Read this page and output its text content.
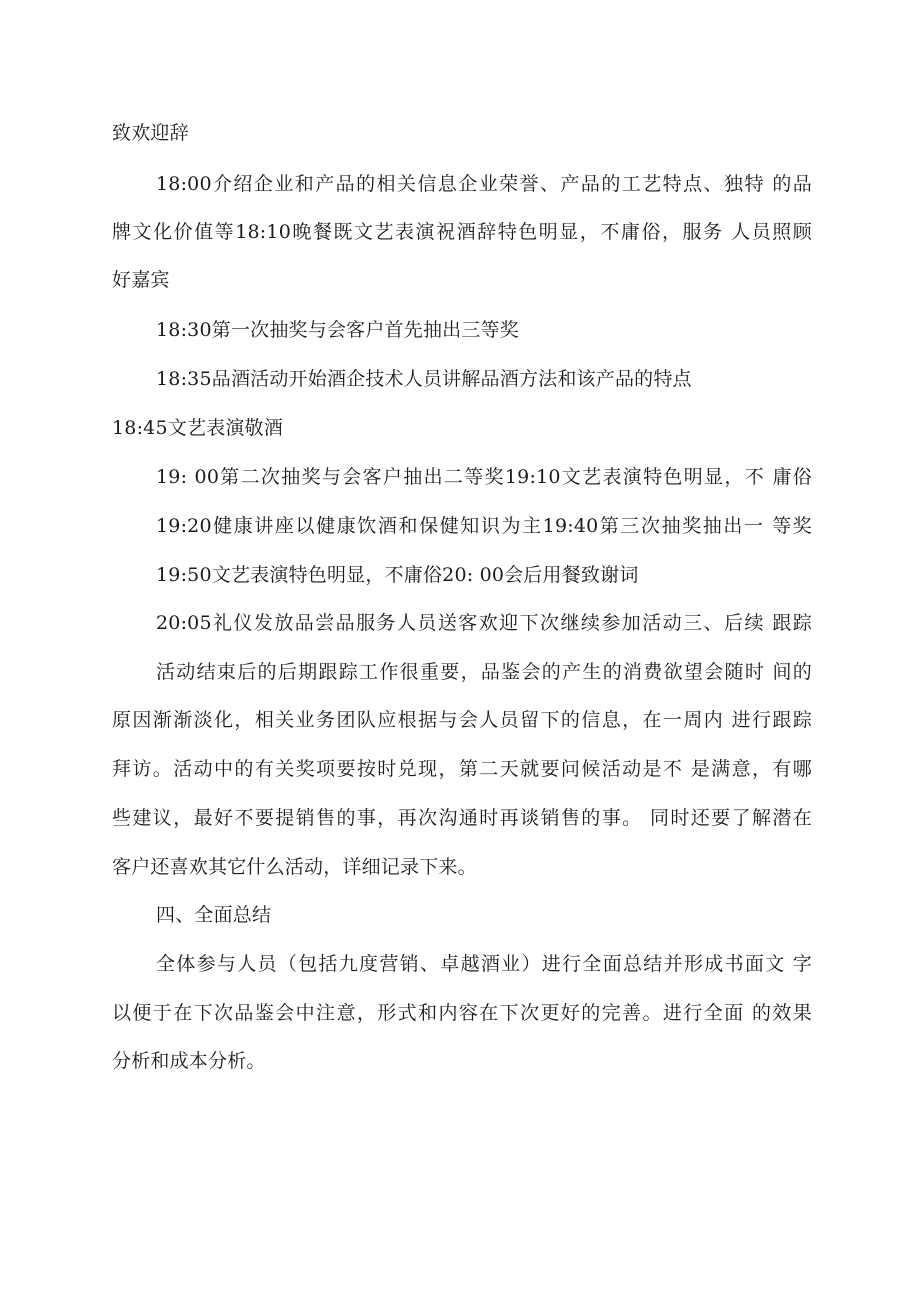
致欢迎辞
18:00介绍企业和产品的相关信息企业荣誉、产品的工艺特点、独特 的品
牌文化价值等18:10晚餐既文艺表演祝酒辞特色明显，不庸俗，服务 人员照顾
好嘉宾
18:30第一次抽奖与会客户首先抽出三等奖
18:35品酒活动开始酒企技术人员讲解品酒方法和该产品的特点
18:45文艺表演敬酒
19: 00第二次抽奖与会客户抽出二等奖19:10文艺表演特色明显，不 庸俗
19:20健康讲座以健康饮酒和保健知识为主19:40第三次抽奖抽出一 等奖
19:50文艺表演特色明显，不庸俗20: 00会后用餐致谢词
20:05礼仪发放品尝品服务人员送客欢迎下次继续参加活动三、后续 跟踪
活动结束后的后期跟踪工作很重要，品鉴会的产生的消费欲望会随时 间的
原因渐渐淡化，相关业务团队应根据与会人员留下的信息，在一周内 进行跟踪
拜访。活动中的有关奖项要按时兑现，第二天就要问候活动是不 是满意，有哪
些建议，最好不要提销售的事，再次沟通时再谈销售的事。 同时还要了解潜在
客户还喜欢其它什么活动，详细记录下来。
四、全面总结
全体参与人员（包括九度营销、卓越酒业）进行全面总结并形成书面文 字
以便于在下次品鉴会中注意，形式和内容在下次更好的完善。进行全面 的效果
分析和成本分析。
